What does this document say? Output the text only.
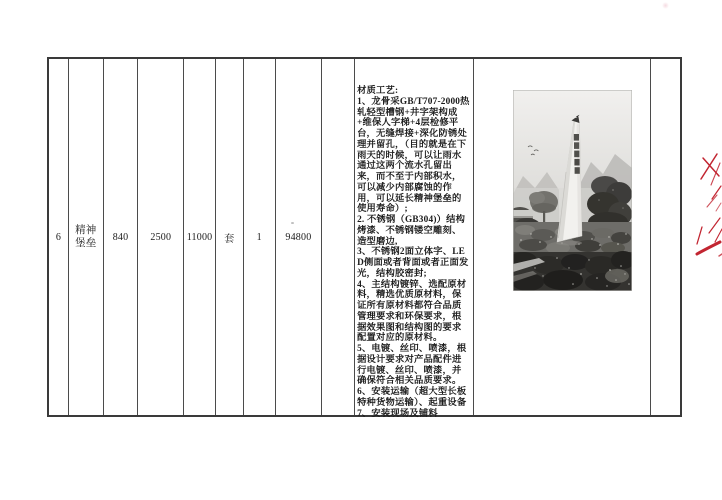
6
精神堡垒
840 2500 11000 套 1 94800

材质工艺:

1、龙骨采GB/T707-2000热轧轻型槽钢+井字架构成+维保人字梯+4层检修平台，无缝焊接+深化防锈处理并留孔，（目的就是在下雨天的时候，可以让雨水通过这两个流水孔留出来，而不至于内部积水，可以减少内部腐蚀的作用，可以延长精神堡垒的使用寿命）;

2. 不锈钢（GB304)）结构烤漆、不锈钢镂空雕刻、造型磨边,

3、不锈钢2面立体字、LED侧面或者背面或者正面发光，结构胶密封;

4、主结构镀锌、选配原材料，精选优质原材料，保证所有原材料都符合品质管理要求和环保要求，根据效果图和结构图的要求配置对应的原材料。

5、电镀、丝印、喷漆，根据设计要求对产品配件进行电镀、丝印、喷漆，并确保符合相关品质要求。

6、安装运输（超大型长板特种货物运输）、起重设备

7、安装现场及铺料
